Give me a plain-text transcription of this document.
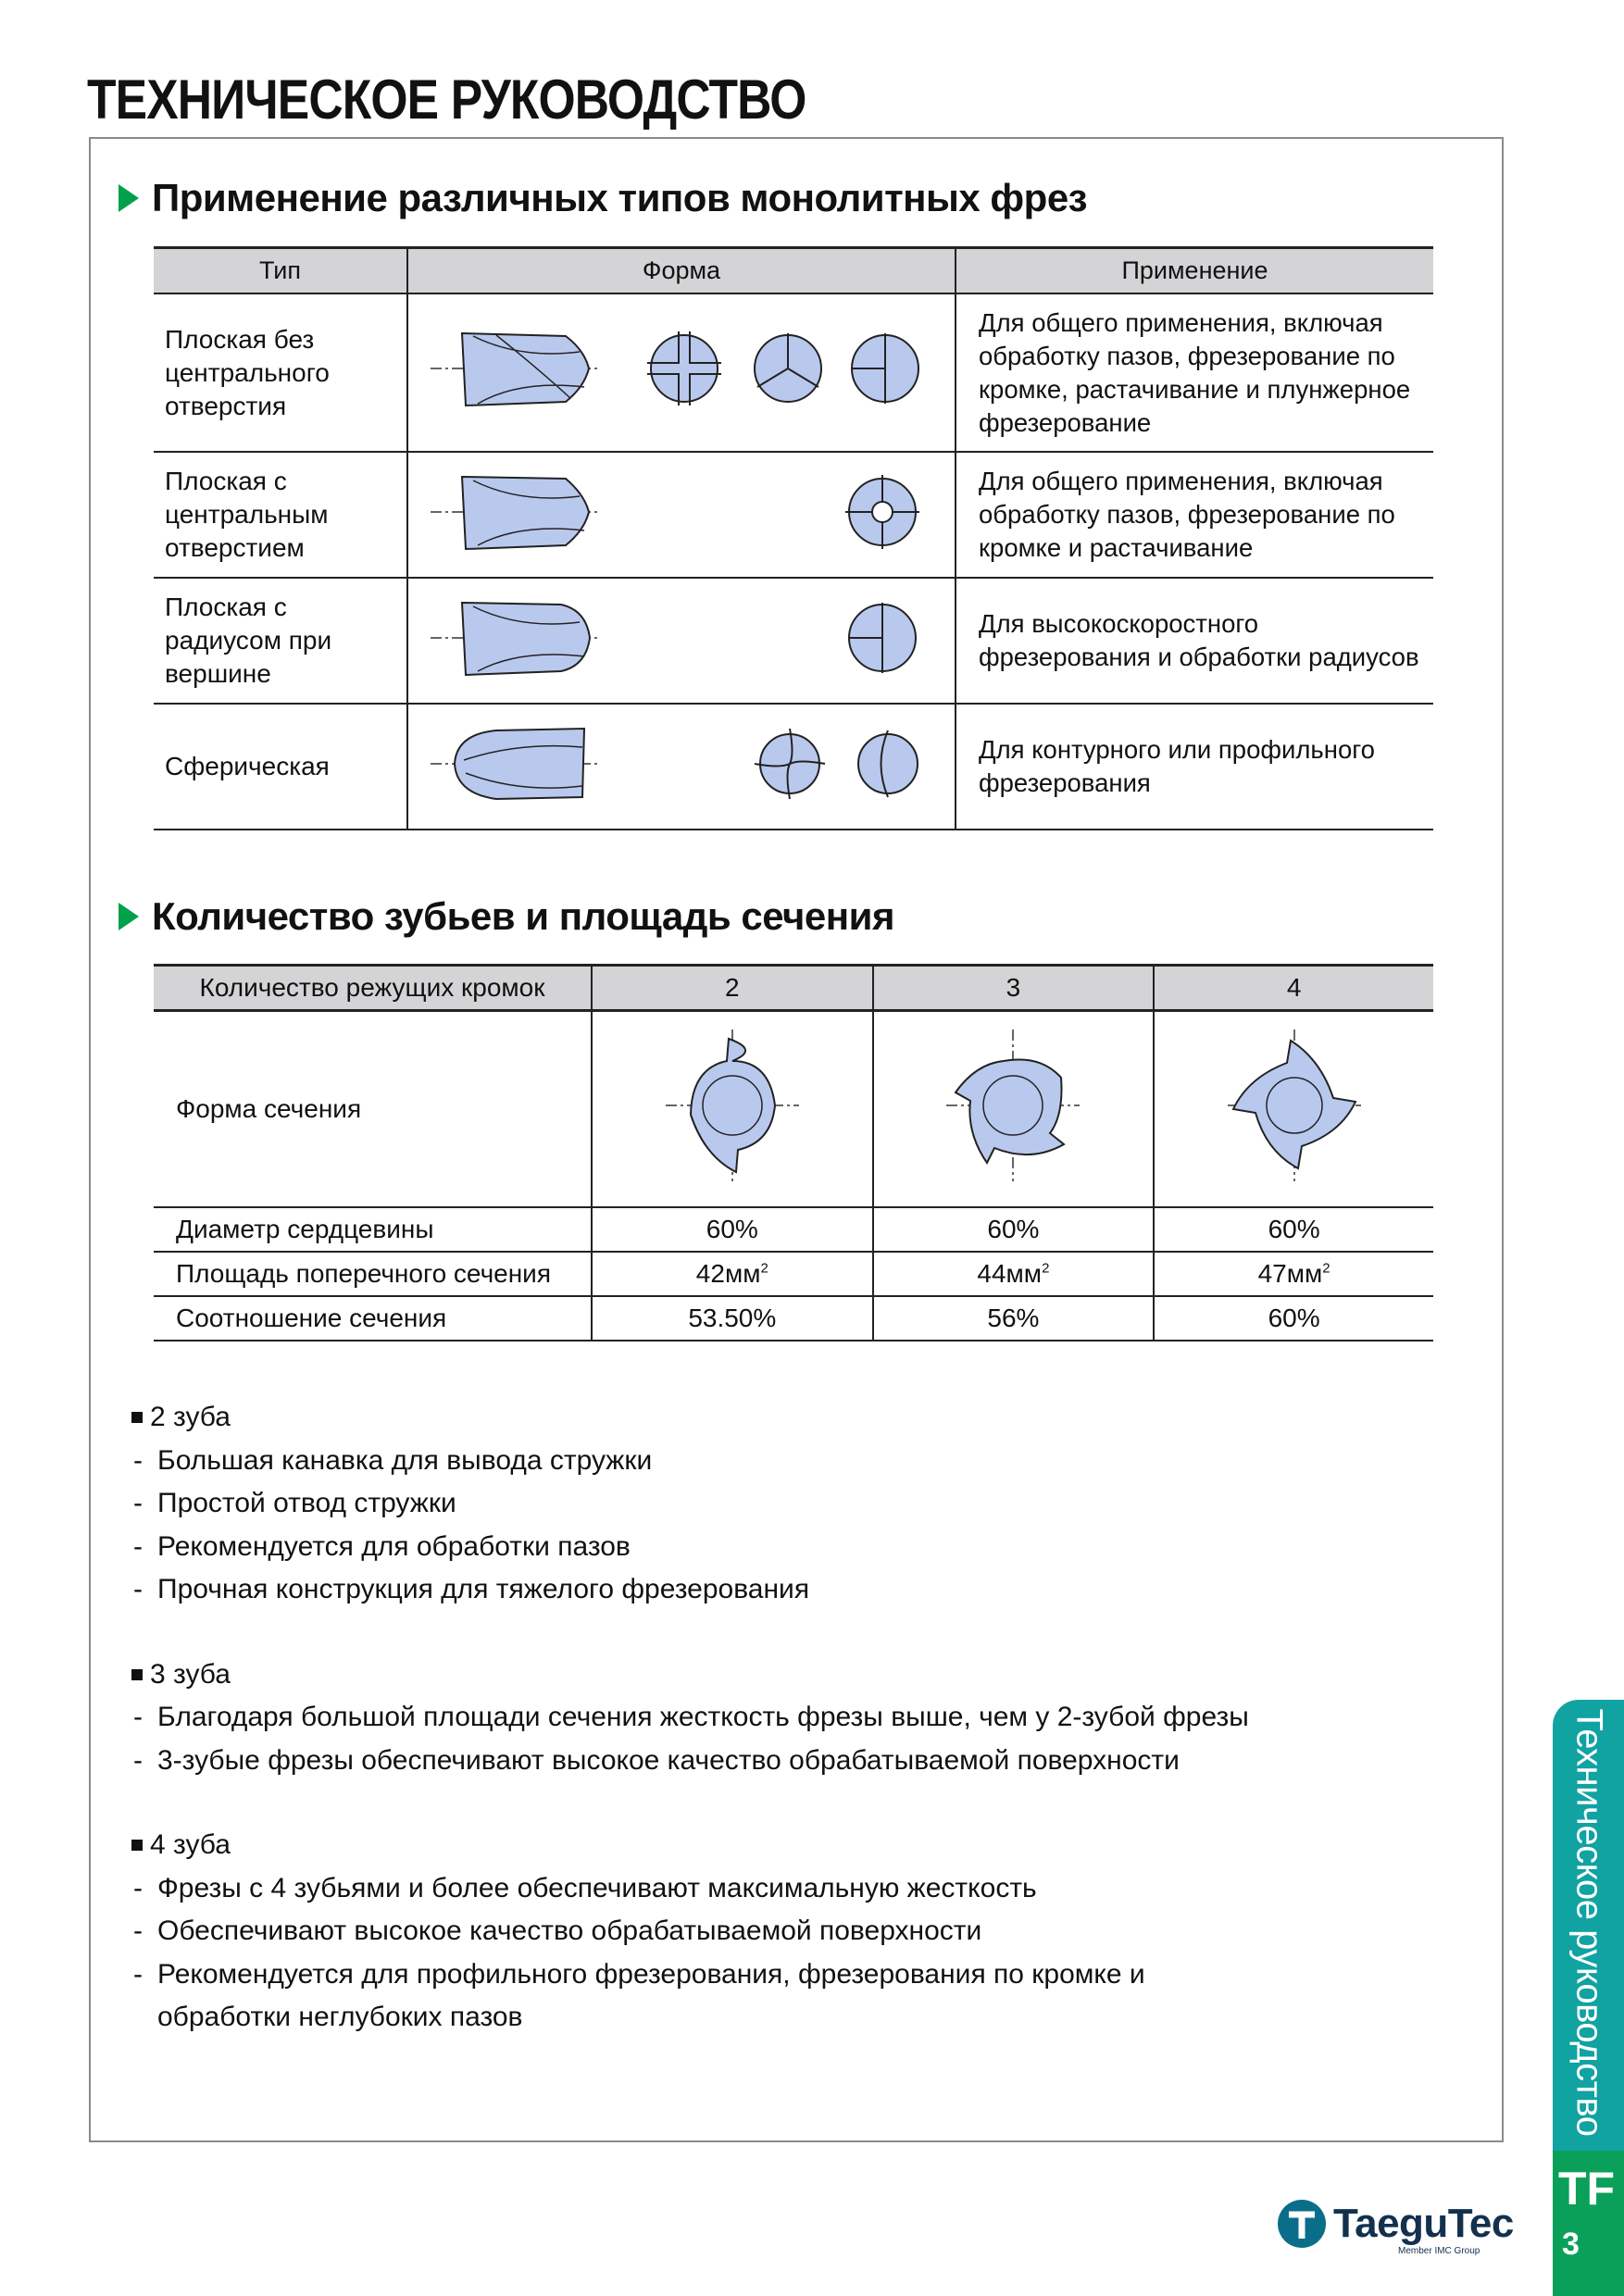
ТЕХНИЧЕСКОЕ РУКОВОДСТВО
Применение различных типов монолитных фрез
Тип	Форма	Применение
Плоская без центрального отверстия		Для общего применения, включая обработку пазов, фрезерование по кромке, растачивание и плунжерное фрезерование
Плоская с центральным отверстием		Для общего применения, включая обработку пазов, фрезерование по кромке и растачивание
Плоская с радиусом при вершине		Для высокоскоростного фрезерования и обработки радиусов
Сферическая		Для контурного или профильного фрезерования
Количество зубьев и площадь сечения
Количество режущих кромок	2	3	4
Форма сечения			
Диаметр сердцевины	60%	60%	60%
Площадь поперечного сечения	$42мм^2$	$44мм^2$	$47мм^2$
Соотношение сечения	53.50%	56%	60%
2 зуба
- Большая канавка для вывода стружки
- Простой отвод стружки
- Рекомендуется для обработки пазов
- Прочная конструкция для тяжелого фрезерования
3 зуба
- Благодаря большой площади сечения жесткость фрезы выше, чем у 2-зубой фрезы
- 3-зубые фрезы обеспечивают высокое качество обрабатываемой поверхности
4 зуба
- Фрезы с 4 зубьями и более обеспечивают максимальную жесткость
- Обеспечивают высокое качество обрабатываемой поверхности
- Рекомендуется для профильного фрезерования, фрезерования по кромке и
обработки неглубоких пазов	Техническое руководство
TF
3
TaeguTec
Member IMC Group
